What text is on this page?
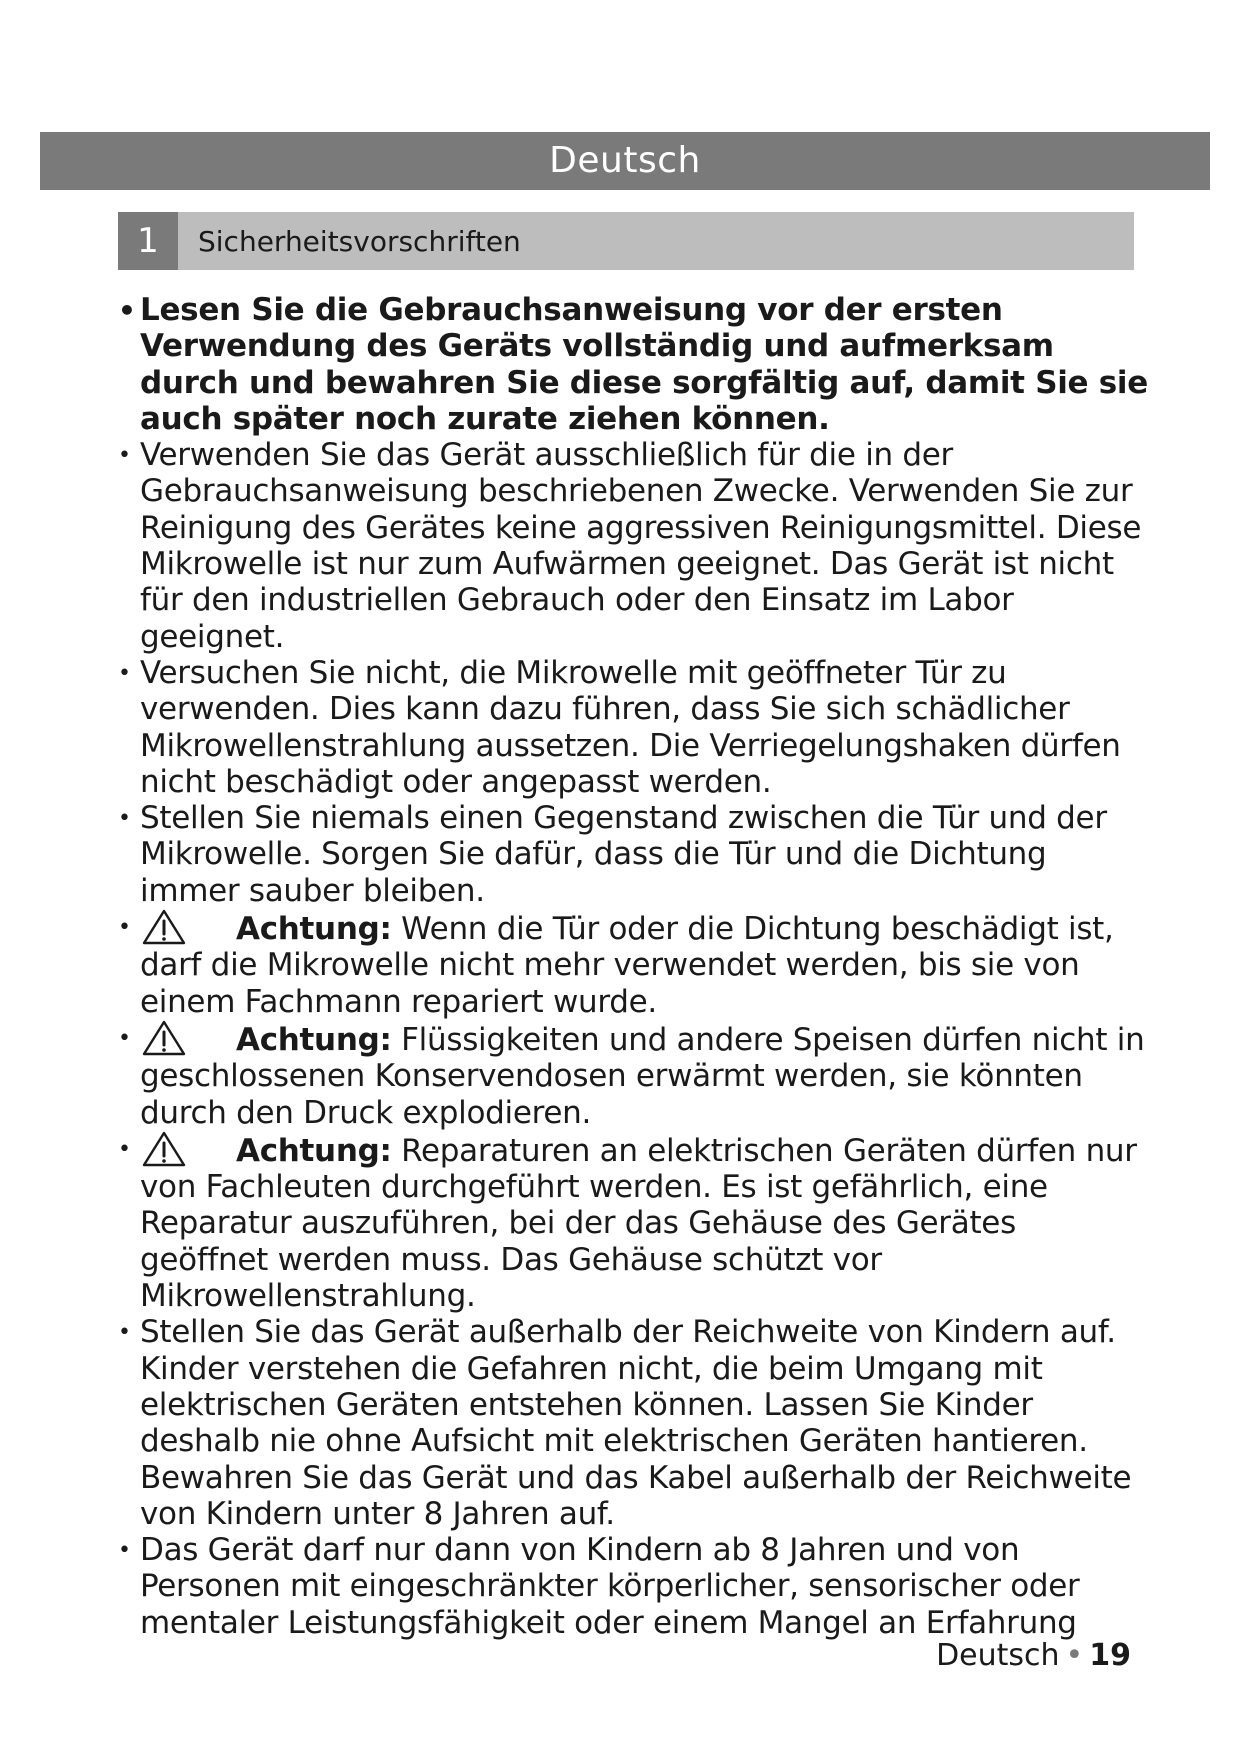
Deutsch
1	Sicherheitsvorschriften
• Lesen Sie die Gebrauchsanweisung vor der ersten Verwendung des Geräts vollständig und aufmerksam durch und bewahren Sie diese sorgfältig auf, damit Sie sie auch später noch zurate ziehen können.
• Verwenden Sie das Gerät ausschließlich für die in der Gebrauchsanweisung beschriebenen Zwecke. Verwenden Sie zur Reinigung des Gerätes keine aggressiven Reinigungsmittel. Diese Mikrowelle ist nur zum Aufwärmen geeignet. Das Gerät ist nicht für den industriellen Gebrauch oder den Einsatz im Labor geeignet.
• Versuchen Sie nicht, die Mikrowelle mit geöffneter Tür zu verwenden. Dies kann dazu führen, dass Sie sich schädlicher Mikrowellenstrahlung aussetzen. Die Verriegelungshaken dürfen nicht beschädigt oder angepasst werden.
• Stellen Sie niemals einen Gegenstand zwischen die Tür und der Mikrowelle. Sorgen Sie dafür, dass die Tür und die Dichtung immer sauber bleiben.
•	Achtung: Wenn die Tür oder die Dichtung beschädigt ist, darf die Mikrowelle nicht mehr verwendet werden, bis sie von einem Fachmann repariert wurde.
•	Achtung: Flüssigkeiten und andere Speisen dürfen nicht in geschlossenen Konservendosen erwärmt werden, sie könnten durch den Druck explodieren.
•	Achtung: Reparaturen an elektrischen Geräten dürfen nur von Fachleuten durchgeführt werden. Es ist gefährlich, eine Reparatur auszuführen, bei der das Gehäuse des Gerätes geöffnet werden muss. Das Gehäuse schützt vor Mikrowellenstrahlung.
• Stellen Sie das Gerät außerhalb der Reichweite von Kindern auf. Kinder verstehen die Gefahren nicht, die beim Umgang mit elektrischen Geräten entstehen können. Lassen Sie Kinder deshalb nie ohne Aufsicht mit elektrischen Geräten hantieren. Bewahren Sie das Gerät und das Kabel außerhalb der Reichweite von Kindern unter 8 Jahren auf.
• Das Gerät darf nur dann von Kindern ab 8 Jahren und von Personen mit eingeschränkter körperlicher, sensorischer oder mentaler Leistungsfähigkeit oder einem Mangel an Erfahrung
Deutsch • 19
